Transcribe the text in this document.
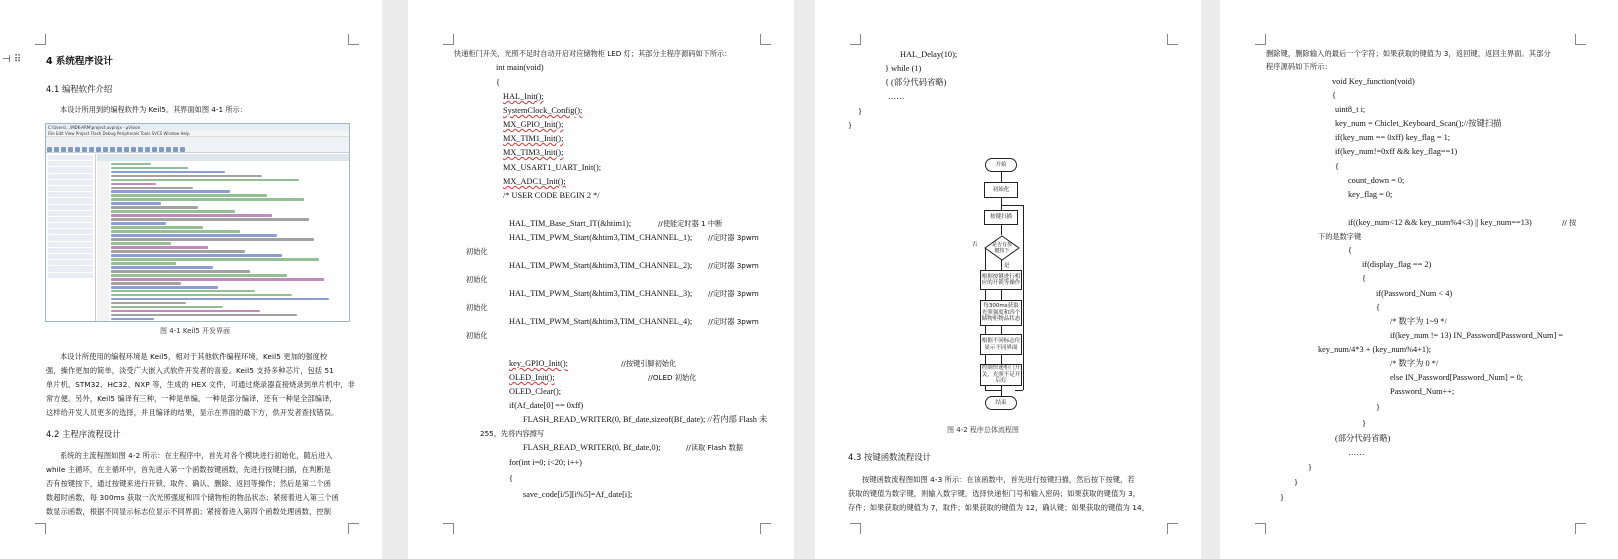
⊣ ⠿	4 系统程序设计
4.1 编程软件介绍
本设计所用到的编程软件为 Keil5。其界面如图 4-1 所示：
C:\Users\...\MDK-ARM\project.uvprojx - µVision
File Edit View Project Flash Debug Peripherals Tools SVCS Window Help
图 4-1 Keil5 开发界面
本设计所使用的编程环境是 Keil5，相对于其他软件编程环境，Keil5 更加的强度校
强，操作更加的简单，淡受广大嵌入式软件开发者的喜爱。Keil5 支持多种芯片，包括 51
单片机、STM32、HC32、NXP 等，生成的 HEX 文件，可通过烧录器直接烧录到单片机中，非
常方便。另外，Keil5 编译有三种，一种是单编，一种是部分编译，还有一种是全部编译，
这样给开发人员更多的选择，并且编译的结果，显示在界面的最下方，供开发者查找错误。
4.2 主程序流程设计
系统的主流程图如图 4-2 所示：在主程序中，首先对各个模块进行初始化，随后进入
while 主循环，在主循环中，首先进入第一个函数按键函数，先进行按键扫描，在判断是
否有按键按下，通过按键来进行开锁、取件、确认、删除、返回等操作；然后是第二个函
数超时函数，每 300ms 获取一次光照强度和四个储物柜的物品状态；紧接着进入第三个函
数显示函数，根据不同显示标志位显示不同界面；紧接着进入第四个函数处理函数，控制
快递柜门开关，光照不足时自动开启对应储物柜 LED 灯；其部分主程序源码如下所示：
int main(void)
{
HAL_Init();
SystemClock_Config();
MX_GPIO_Init();
MX_TIM1_Init();
MX_TIM3_Init();
MX_USART1_UART_Init();
MX_ADC1_Init();
/* USER CODE BEGIN 2 */
HAL_TIM_Base_Start_IT(&htim1);	//使能定时器 1 中断
HAL_TIM_PWM_Start(&htim3,TIM_CHANNEL_1); //定时器 3pwm
初始化
HAL_TIM_PWM_Start(&htim3,TIM_CHANNEL_2); //定时器 3pwm
初始化
HAL_TIM_PWM_Start(&htim3,TIM_CHANNEL_3); //定时器 3pwm
初始化
HAL_TIM_PWM_Start(&htim3,TIM_CHANNEL_4); //定时器 3pwm
初始化
key_GPIO_Init();	//按键引脚初始化
OLED_Init();	//OLED 初始化
OLED_Clear();
if(Af_date[0] == 0xff)
FLASH_READ_WRITER(0, Bf_date,sizeof(Bf_date); //若内部 Flash 未
255，先将内容擦写
FLASH_READ_WRITER(0, Bf_date,0);	//读取 Flash 数据
for(int i=0; i<20; i++)
{
save_code[i/5][i%5]=Af_date[i];
HAL_Delay(10);
} while (1)
{ (部分代码省略)
……
}
}
开始
初始化
按键扫描
是否有按键按下
否
是
根据按键进行相应的开锁等操作
每300ms获取光照强度和四个储物柜物品状态
根据不同标志位显示不同界面
控制快递柜门开关，光照不足开启灯
结束
图 4-2 程序总体流程图
4.3 按键函数流程设计
按键函数流程图如图 4-3 所示：在该函数中，首先进行按键扫描，然后按下按键，若
获取的键值为数字键，则输入数字键，选择快递柜门号和输入密码；如果获取的键值为 3，
存件；如果获取的键值为 7，取件；如果获取的键值为 12，确认键；如果获取的键值为 14，
删除键，删除输入的最后一个字符；如果获取的键值为 3，返回键，返回主界面。其部分
程序源码如下所示：
void Key_function(void)
{
uint8_t i;
key_num = Chiclet_Keyboard_Scan();//按键扫描
if(key_num == 0xff) key_flag = 1;
if(key_num!=0xff && key_flag==1)
{
count_down = 0;
key_flag = 0;
if((key_num<12 && key_num%4<3) || key_num==13)	// 按
下的是数字键
{
if(display_flag == 2)
{
if(Password_Num < 4)
{
/* 数字为 1~9 */
if(key_num != 13) IN_Password[Password_Num] =
key_num/4*3 + (key_num%4+1);
/* 数字为 0 */
else IN_Password[Password_Num] = 0;
Password_Num++;
}
}
(部分代码省略)
……
}
}
}
